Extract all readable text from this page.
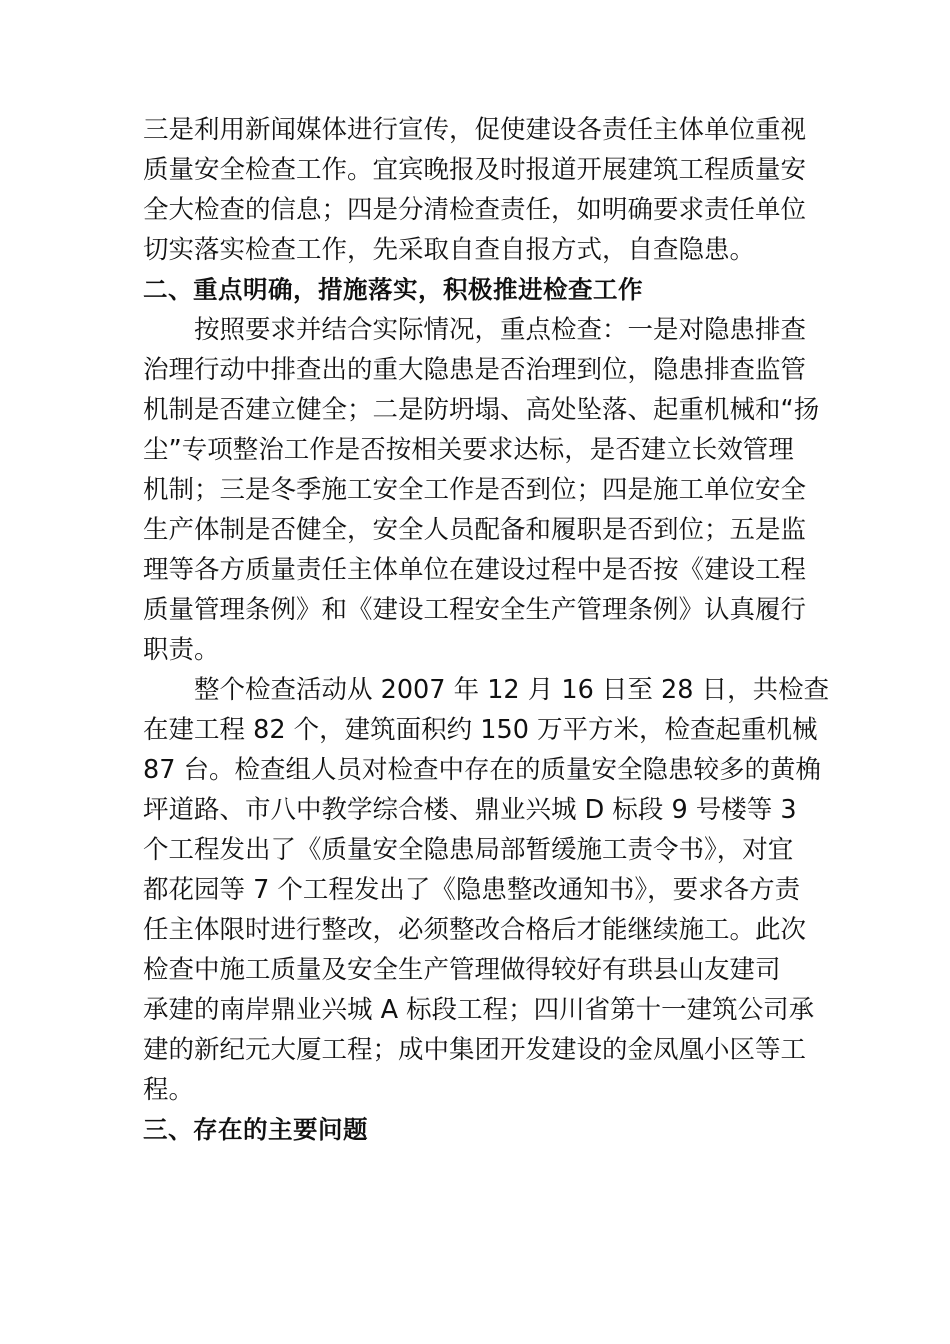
三是利用新闻媒体进行宣传，促使建设各责任主体单位重视
质量安全检查工作。宜宾晚报及时报道开展建筑工程质量安
全大检查的信息；四是分清检查责任，如明确要求责任单位
切实落实检查工作，先采取自查自报方式，自查隐患。
二、重点明确，措施落实，积极推进检查工作
按照要求并结合实际情况，重点检查：一是对隐患排查
治理行动中排查出的重大隐患是否治理到位，隐患排查监管
机制是否建立健全；二是防坍塌、高处坠落、起重机械和“扬
尘”专项整治工作是否按相关要求达标，是否建立长效管理
机制；三是冬季施工安全工作是否到位；四是施工单位安全
生产体制是否健全，安全人员配备和履职是否到位；五是监
理等各方质量责任主体单位在建设过程中是否按《建设工程
质量管理条例》和《建设工程安全生产管理条例》认真履行
职责。
整个检查活动从 2007 年 12 月 16 日至 28 日，共检查
在建工程 82 个，建筑面积约 150 万平方米，检查起重机械
87 台。检查组人员对检查中存在的质量安全隐患较多的黄桷
坪道路、市八中教学综合楼、鼎业兴城 D 标段 9 号楼等 3
个工程发出了《质量安全隐患局部暂缓施工责令书》，对宜
都花园等 7 个工程发出了《隐患整改通知书》，要求各方责
任主体限时进行整改，必须整改合格后才能继续施工。此次
检查中施工质量及安全生产管理做得较好有珙县山友建司
承建的南岸鼎业兴城 A 标段工程；四川省第十一建筑公司承
建的新纪元大厦工程；成中集团开发建设的金凤凰小区等工
程。
三、存在的主要问题
